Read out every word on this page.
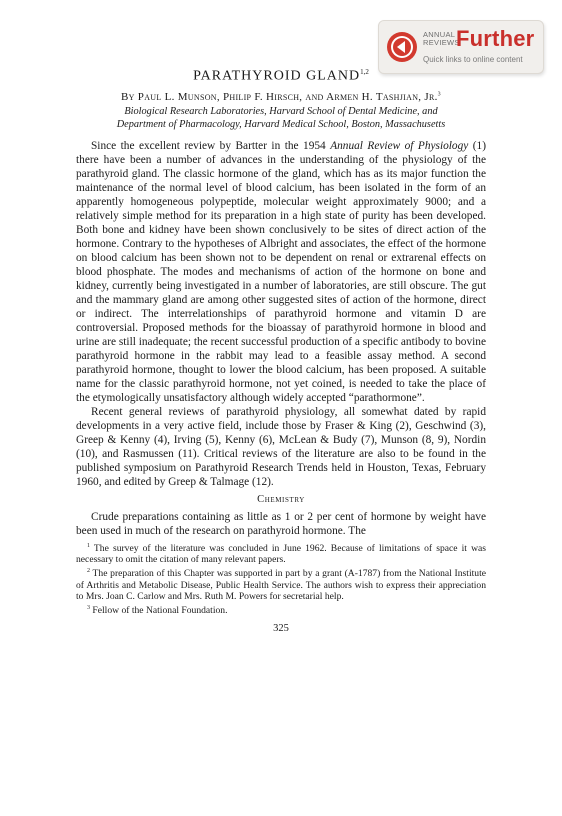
ANNUAL
REVIEWS
Further
Quick links to online content
PARATHYROID GLAND$^{1,2}$
By Paul L. Munson, Philip F. Hirsch, and Armen H. Tashjian, Jr.$^3$
Biological Research Laboratories, Harvard School of Dental Medicine, and
Department of Pharmacology, Harvard Medical School, Boston, Massachusetts

Since the excellent review by Bartter in the 1954 Annual Review of Physiology (1) there have been a number of advances in the understanding of the physiology of the parathyroid gland. The classic hormone of the gland, which has as its major function the maintenance of the normal level of blood calcium, has been isolated in the form of an apparently homogeneous polypeptide, molecular weight approximately 9000; and a relatively simple method for its preparation in a high state of purity has been developed. Both bone and kidney have been shown conclusively to be sites of direct action of the hormone. Contrary to the hypotheses of Albright and associates, the effect of the hormone on blood calcium has been shown not to be dependent on renal or extrarenal effects on blood phosphate. The modes and mechanisms of action of the hormone on bone and kidney, currently being investigated in a number of laboratories, are still obscure. The gut and the mammary gland are among other suggested sites of action of the hormone, direct or indirect. The interrelationships of parathyroid hormone and vitamin D are controversial. Proposed methods for the bioassay of parathyroid hormone in blood and urine are still inadequate; the recent successful production of a specific antibody to bovine parathyroid hormone in the rabbit may lead to a feasible assay method. A second parathyroid hormone, thought to lower the blood calcium, has been proposed. A suitable name for the classic parathyroid hormone, not yet coined, is needed to take the place of the etymologically unsatisfactory although widely accepted “parathormone”.

Recent general reviews of parathyroid physiology, all somewhat dated by rapid developments in a very active field, include those by Fraser & King (2), Geschwind (3), Greep & Kenny (4), Irving (5), Kenny (6), McLean & Budy (7), Munson (8, 9), Nordin (10), and Rasmussen (11). Critical reviews of the literature are also to be found in the published symposium on Parathyroid Research Trends held in Houston, Texas, February 1960, and edited by Greep & Talmage (12).

Chemistry

Crude preparations containing as little as 1 or 2 per cent of hormone by weight have been used in much of the research on parathyroid hormone. The

$^1$ The survey of the literature was concluded in June 1962. Because of limitations of space it was necessary to omit the citation of many relevant papers.

$^2$ The preparation of this Chapter was supported in part by a grant (A-1787) from the National Institute of Arthritis and Metabolic Disease, Public Health Service. The authors wish to express their appreciation to Mrs. Joan C. Carlow and Mrs. Ruth M. Powers for secretarial help.

$^3$ Fellow of the National Foundation.

325
